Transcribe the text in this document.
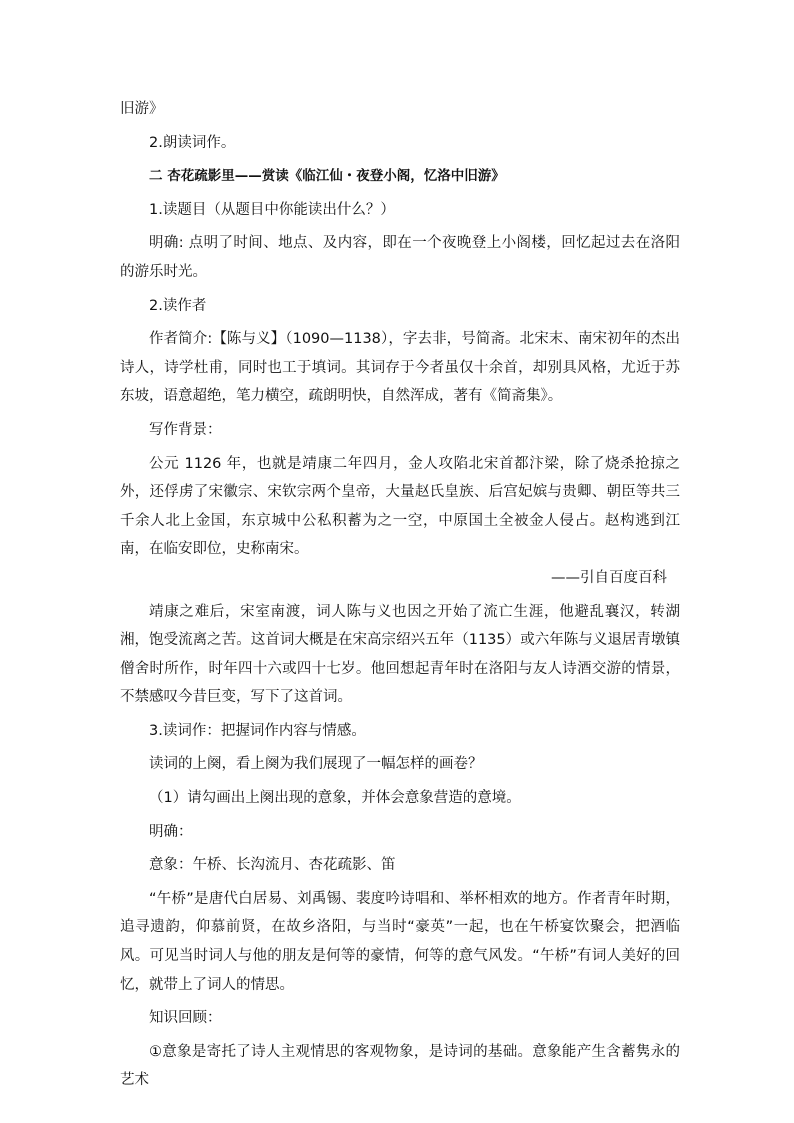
旧游》

2.朗读词作。

二 杏花疏影里——赏读《临江仙・夜登小阁，忆洛中旧游》

1.读题目（从题目中你能读出什么？）

明确: 点明了时间、地点、及内容，即在一个夜晚登上小阁楼，回忆起过去在洛阳的游乐时光。

2.读作者

作者简介:【陈与义】（1090—1138），字去非，号简斋。北宋末、南宋初年的杰出诗人，诗学杜甫，同时也工于填词。其词存于今者虽仅十余首，却别具风格，尤近于苏东坡，语意超绝，笔力横空，疏朗明快，自然浑成，著有《简斋集》。

写作背景：

公元 1126 年，也就是靖康二年四月，金人攻陷北宋首都汴梁，除了烧杀抢掠之外，还俘虏了宋徽宗、宋钦宗两个皇帝，大量赵氏皇族、后宫妃嫔与贵卿、朝臣等共三千余人北上金国，东京城中公私积蓄为之一空，中原国土全被金人侵占。赵构逃到江南，在临安即位，史称南宋。

——引自百度百科

靖康之难后，宋室南渡，词人陈与义也因之开始了流亡生涯，他避乱襄汉，转湖湘，饱受流离之苦。这首词大概是在宋高宗绍兴五年（1135）或六年陈与义退居青墩镇僧舍时所作，时年四十六或四十七岁。他回想起青年时在洛阳与友人诗酒交游的情景，不禁感叹今昔巨变，写下了这首词。

3.读词作：把握词作内容与情感。

读词的上阕，看上阕为我们展现了一幅怎样的画卷？

（1）请勾画出上阕出现的意象，并体会意象营造的意境。

明确：

意象：午桥、长沟流月、杏花疏影、笛

“午桥”是唐代白居易、刘禹锡、裴度吟诗唱和、举杯相欢的地方。作者青年时期，追寻遗韵，仰慕前贤，在故乡洛阳，与当时“豪英”一起，也在午桥宴饮聚会，把酒临风。可见当时词人与他的朋友是何等的豪情，何等的意气风发。“午桥”有词人美好的回忆，就带上了词人的情思。

知识回顾：

①意象是寄托了诗人主观情思的客观物象，是诗词的基础。意象能产生含蓄隽永的艺术
